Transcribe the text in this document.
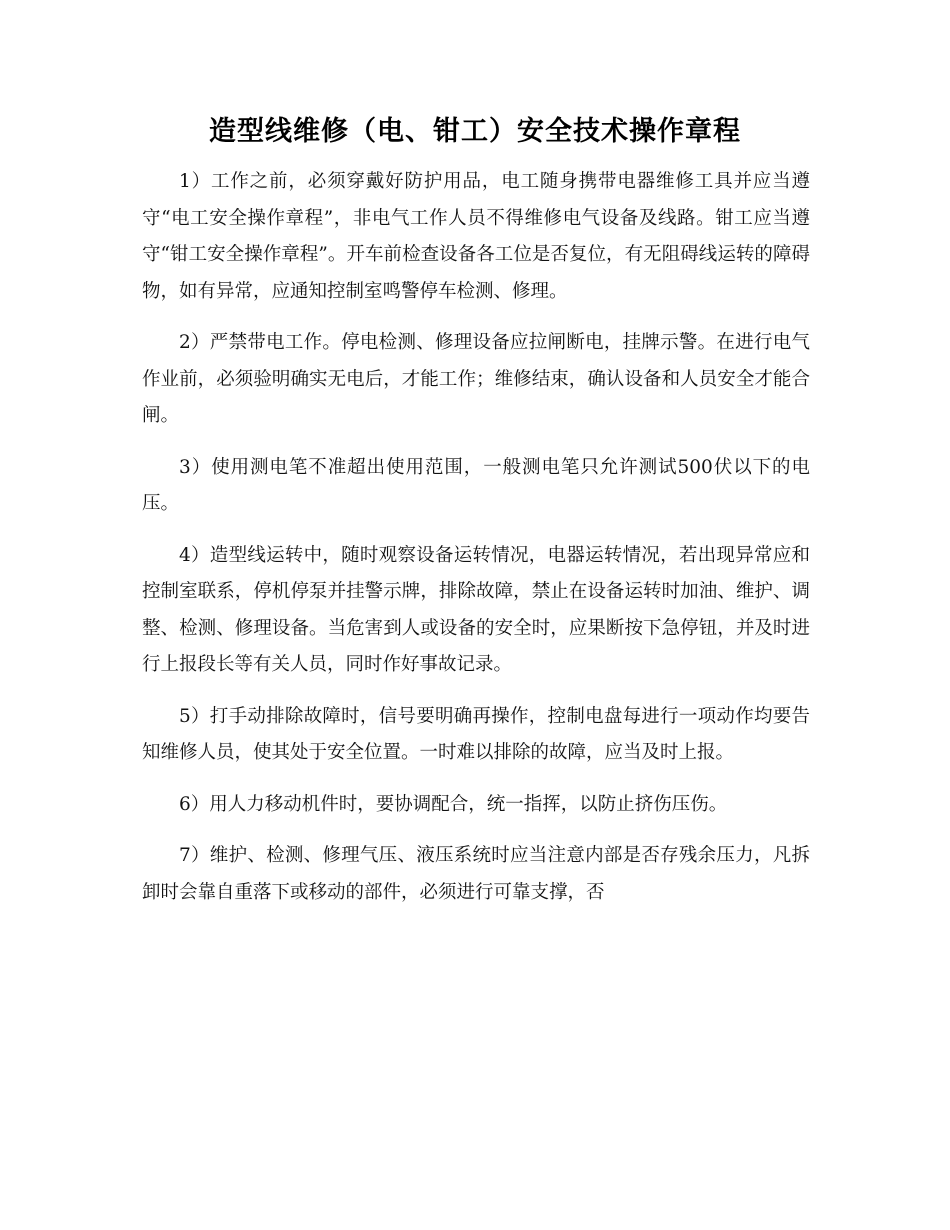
造型线维修（电、钳工）安全技术操作章程

1）工作之前，必须穿戴好防护用品，电工随身携带电器维修工具并应当遵守“电工安全操作章程”，非电气工作人员不得维修电气设备及线路。钳工应当遵守“钳工安全操作章程”。开车前检查设备各工位是否复位，有无阻碍线运转的障碍物，如有异常，应通知控制室鸣警停车检测、修理。

2）严禁带电工作。停电检测、修理设备应拉闸断电，挂牌示警。在进行电气作业前，必须验明确实无电后，才能工作；维修结束，确认设备和人员安全才能合闸。

3）使用测电笔不准超出使用范围，一般测电笔只允许测试500伏以下的电压。

4）造型线运转中，随时观察设备运转情况，电器运转情况，若出现异常应和控制室联系，停机停泵并挂警示牌，排除故障，禁止在设备运转时加油、维护、调整、检测、修理设备。当危害到人或设备的安全时，应果断按下急停钮，并及时进行上报段长等有关人员，同时作好事故记录。

5）打手动排除故障时，信号要明确再操作，控制电盘每进行一项动作均要告知维修人员，使其处于安全位置。一时难以排除的故障，应当及时上报。

6）用人力移动机件时，要协调配合，统一指挥，以防止挤伤压伤。

7）维护、检测、修理气压、液压系统时应当注意内部是否存残余压力，凡拆卸时会靠自重落下或移动的部件，必须进行可靠支撑，否
